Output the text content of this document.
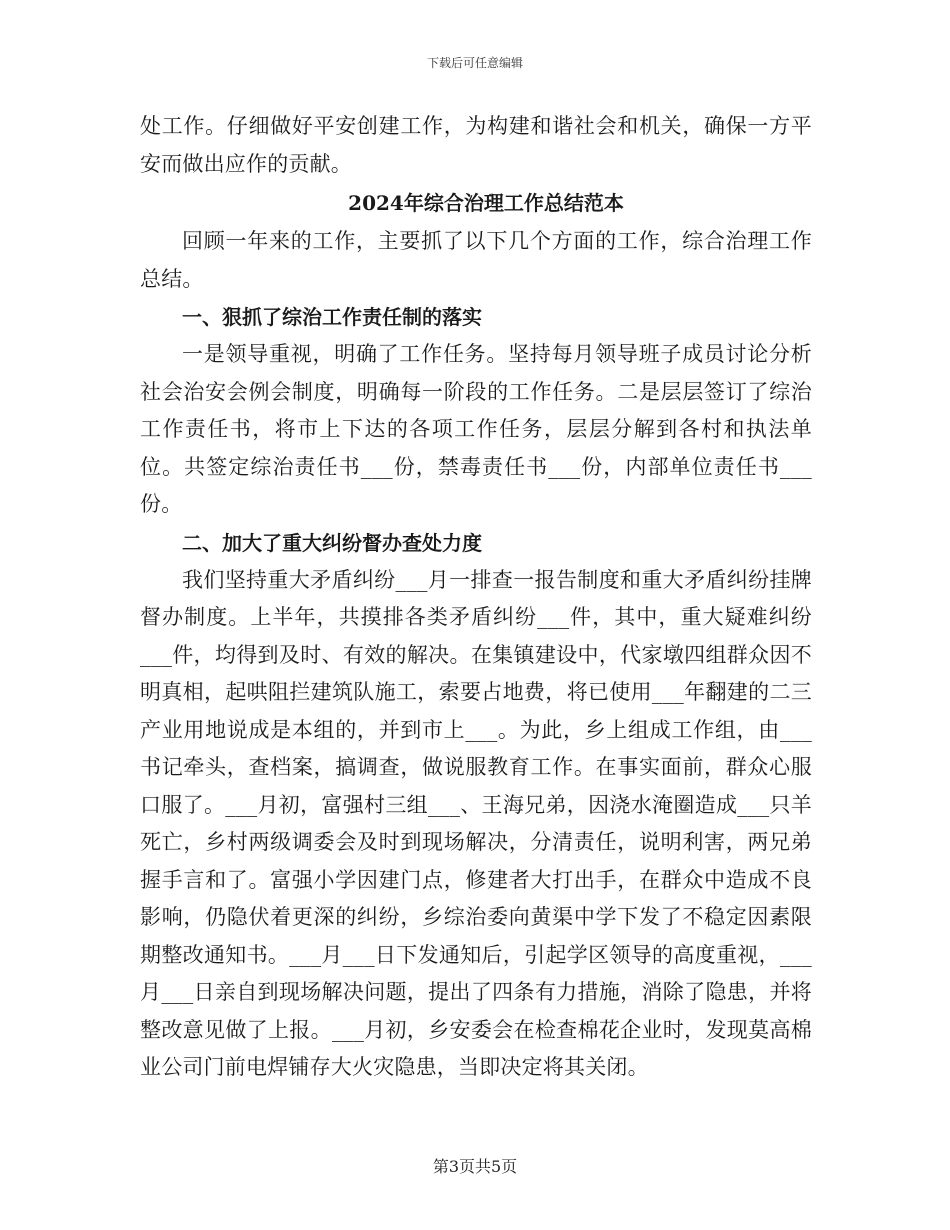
下载后可任意编辑

处工作。仔细做好平安创建工作，为构建和谐社会和机关，确保一方平安而做出应作的贡献。

2024年综合治理工作总结范本

回顾一年来的工作，主要抓了以下几个方面的工作，综合治理工作总结。

一、狠抓了综治工作责任制的落实

一是领导重视，明确了工作任务。坚持每月领导班子成员讨论分析社会治安会例会制度，明确每一阶段的工作任务。二是层层签订了综治工作责任书，将市上下达的各项工作任务，层层分解到各村和执法单位。共签定综治责任书___份，禁毒责任书___份，内部单位责任书___份。

二、加大了重大纠纷督办查处力度

我们坚持重大矛盾纠纷___月一排查一报告制度和重大矛盾纠纷挂牌督办制度。上半年，共摸排各类矛盾纠纷___件，其中，重大疑难纠纷___件，均得到及时、有效的解决。在集镇建设中，代家墩四组群众因不明真相，起哄阻拦建筑队施工，索要占地费，将已使用___年翻建的二三产业用地说成是本组的，并到市上___。为此，乡上组成工作组，由___书记牵头，查档案，搞调查，做说服教育工作。在事实面前，群众心服口服了。___月初，富强村三组___、王海兄弟，因浇水淹圈造成___只羊死亡，乡村两级调委会及时到现场解决，分清责任，说明利害，两兄弟握手言和了。富强小学因建门点，修建者大打出手，在群众中造成不良影响，仍隐伏着更深的纠纷，乡综治委向黄渠中学下发了不稳定因素限期整改通知书。___月___日下发通知后，引起学区领导的高度重视，___月___日亲自到现场解决问题，提出了四条有力措施，消除了隐患，并将整改意见做了上报。___月初，乡安委会在检查棉花企业时，发现莫高棉业公司门前电焊铺存大火灾隐患，当即决定将其关闭。

第3页共5页
